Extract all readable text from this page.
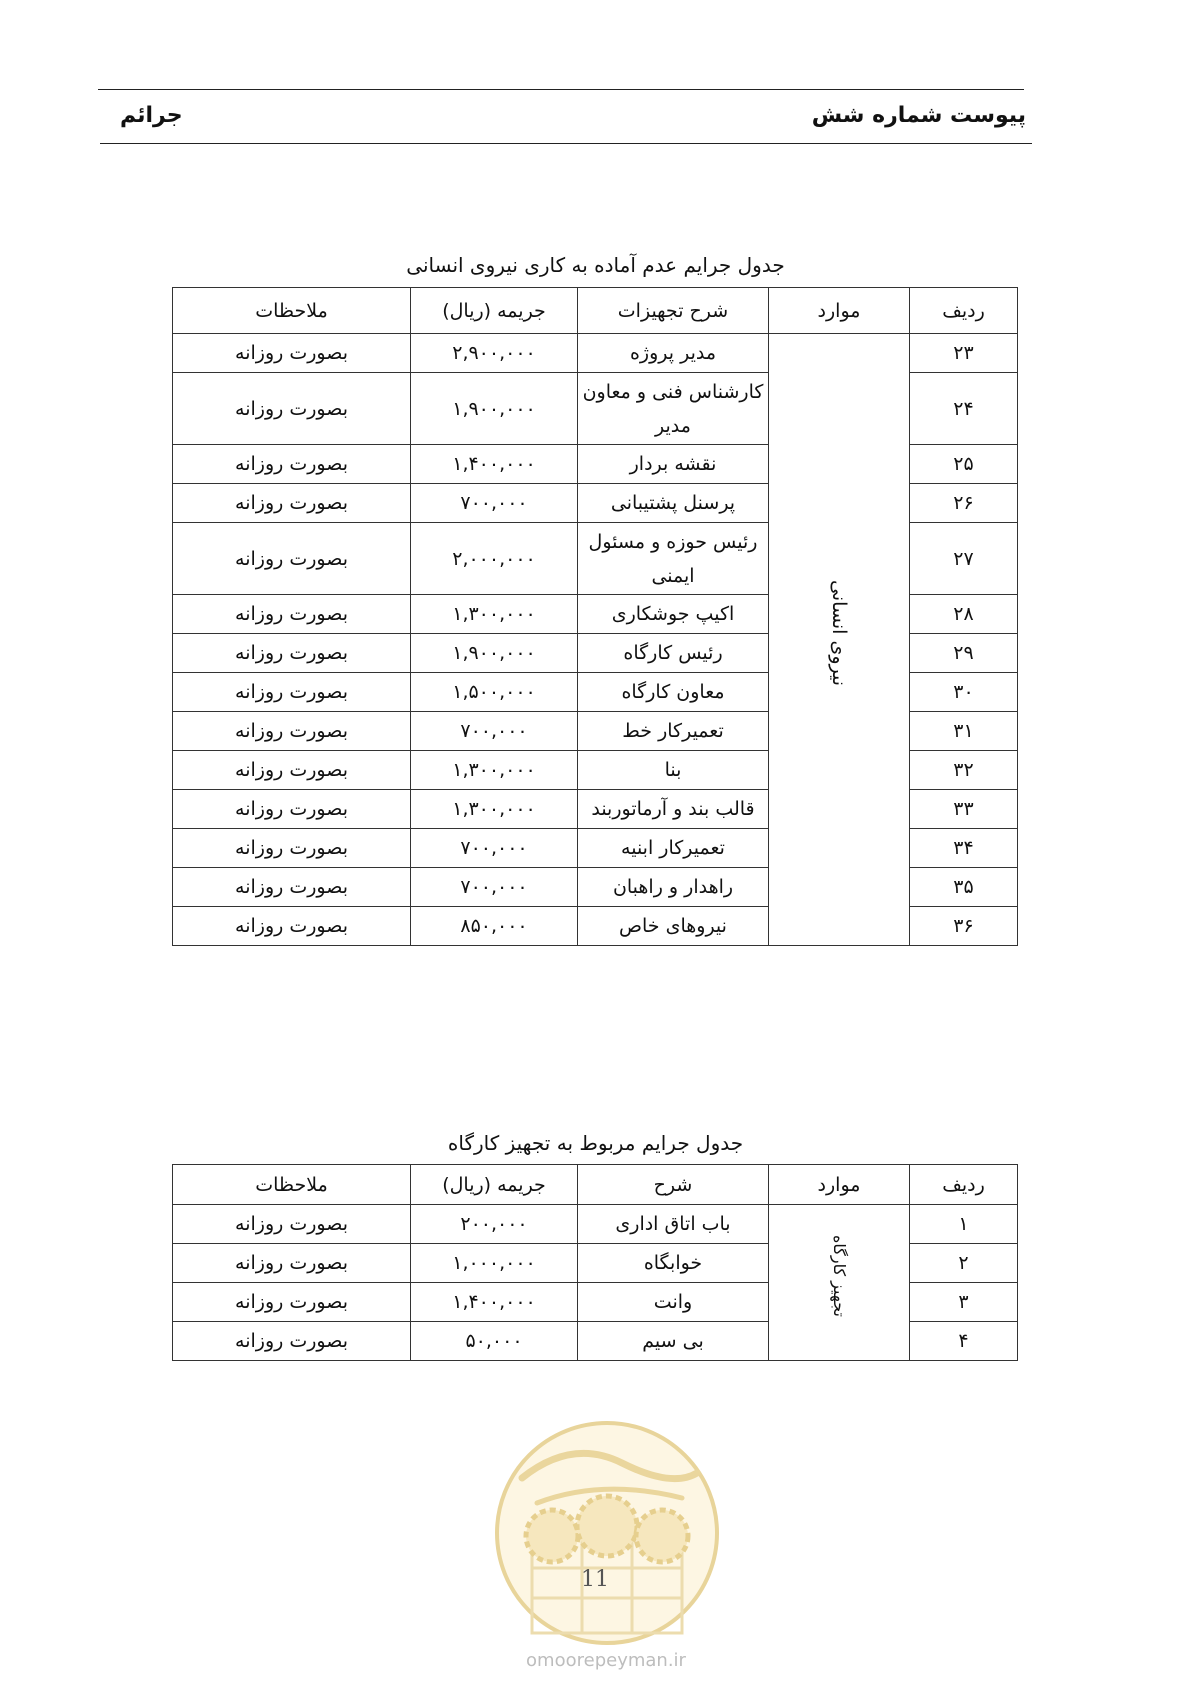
پیوست شماره شش
جرائم
جدول جرایم عدم آماده به کاری نیروی انسانی
ردیف	موارد	شرح تجهیزات	جریمه (ریال)	ملاحظات
۲۳	نیروی انسانی	مدیر پروژه	۲,۹۰۰,۰۰۰	بصورت روزانه
۲۴		کارشناس فنی و معاون مدیر	۱,۹۰۰,۰۰۰	بصورت روزانه
۲۵		نقشه بردار	۱,۴۰۰,۰۰۰	بصورت روزانه
۲۶		پرسنل پشتیبانی	۷۰۰,۰۰۰	بصورت روزانه
۲۷		رئیس حوزه و مسئول ایمنی	۲,۰۰۰,۰۰۰	بصورت روزانه
۲۸		اکیپ جوشکاری	۱,۳۰۰,۰۰۰	بصورت روزانه
۲۹		رئیس کارگاه	۱,۹۰۰,۰۰۰	بصورت روزانه
۳۰		معاون کارگاه	۱,۵۰۰,۰۰۰	بصورت روزانه
۳۱		تعمیرکار خط	۷۰۰,۰۰۰	بصورت روزانه
۳۲		بنا	۱,۳۰۰,۰۰۰	بصورت روزانه
۳۳		قالب بند و آرماتوربند	۱,۳۰۰,۰۰۰	بصورت روزانه
۳۴		تعمیرکار ابنیه	۷۰۰,۰۰۰	بصورت روزانه
۳۵		راهدار و راهبان	۷۰۰,۰۰۰	بصورت روزانه
۳۶		نیروهای خاص	۸۵۰,۰۰۰	بصورت روزانه
جدول جرایم مربوط به تجهیز کارگاه
ردیف	موارد	شرح	جریمه (ریال)	ملاحظات
۱	تجهیز کارگاه	باب اتاق اداری	۲۰۰,۰۰۰	بصورت روزانه
۲		خوابگاه	۱,۰۰۰,۰۰۰	بصورت روزانه
۳		وانت	۱,۴۰۰,۰۰۰	بصورت روزانه
۴		بی سیم	۵۰,۰۰۰	بصورت روزانه
11
omoorepeyman.ir
